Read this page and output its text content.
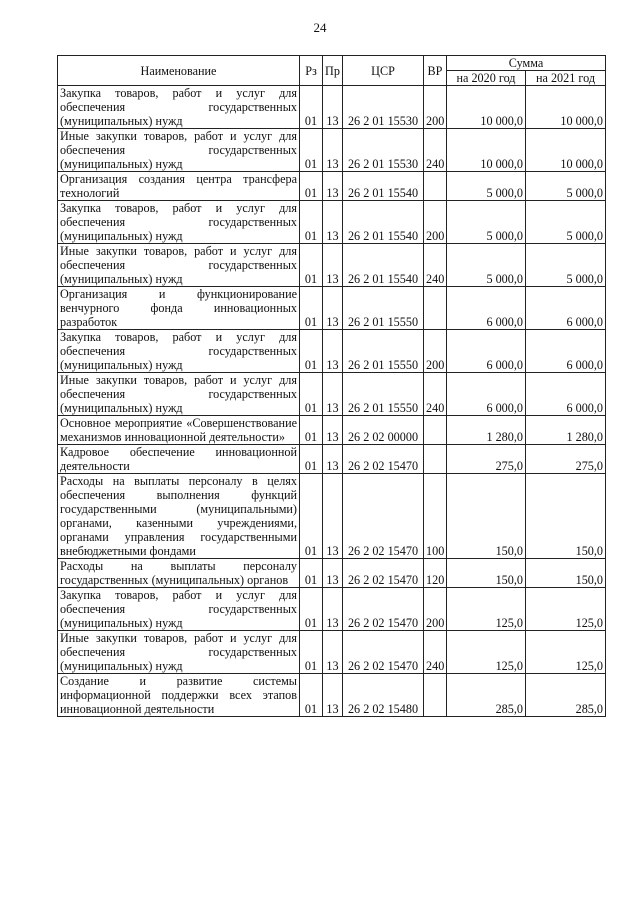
24
Наименование	Рз	Пр	ЦСР	ВР	Сумма	
					на 2020 год	на 2021 год
Закупка товаров, работ и услуг для обеспечения государственных (муниципальных) нужд	01	13	26 2 01 15530	200	10 000,0	10 000,0
Иные закупки товаров, работ и услуг для обеспечения государственных (муниципальных) нужд	01	13	26 2 01 15530	240	10 000,0	10 000,0
Организация создания центра трансфера технологий	01	13	26 2 01 15540		5 000,0	5 000,0
Закупка товаров, работ и услуг для обеспечения государственных (муниципальных) нужд	01	13	26 2 01 15540	200	5 000,0	5 000,0
Иные закупки товаров, работ и услуг для обеспечения государственных (муниципальных) нужд	01	13	26 2 01 15540	240	5 000,0	5 000,0
Организация и функционирование венчурного фонда инновационных разработок	01	13	26 2 01 15550		6 000,0	6 000,0
Закупка товаров, работ и услуг для обеспечения государственных (муниципальных) нужд	01	13	26 2 01 15550	200	6 000,0	6 000,0
Иные закупки товаров, работ и услуг для обеспечения государственных (муниципальных) нужд	01	13	26 2 01 15550	240	6 000,0	6 000,0
Основное мероприятие «Совершенствование механизмов инновационной деятельности»	01	13	26 2 02 00000		1 280,0	1 280,0
Кадровое обеспечение инновационной деятельности	01	13	26 2 02 15470		275,0	275,0
Расходы на выплаты персоналу в целях обеспечения выполнения функций государственными (муниципальными) органами, казенными учреждениями, органами управления государственными внебюджетными фондами	01	13	26 2 02 15470	100	150,0	150,0
Расходы на выплаты персоналу государственных (муниципальных) органов	01	13	26 2 02 15470	120	150,0	150,0
Закупка товаров, работ и услуг для обеспечения государственных (муниципальных) нужд	01	13	26 2 02 15470	200	125,0	125,0
Иные закупки товаров, работ и услуг для обеспечения государственных (муниципальных) нужд	01	13	26 2 02 15470	240	125,0	125,0
Создание и развитие системы информационной поддержки всех этапов инновационной деятельности	01	13	26 2 02 15480		285,0	285,0
